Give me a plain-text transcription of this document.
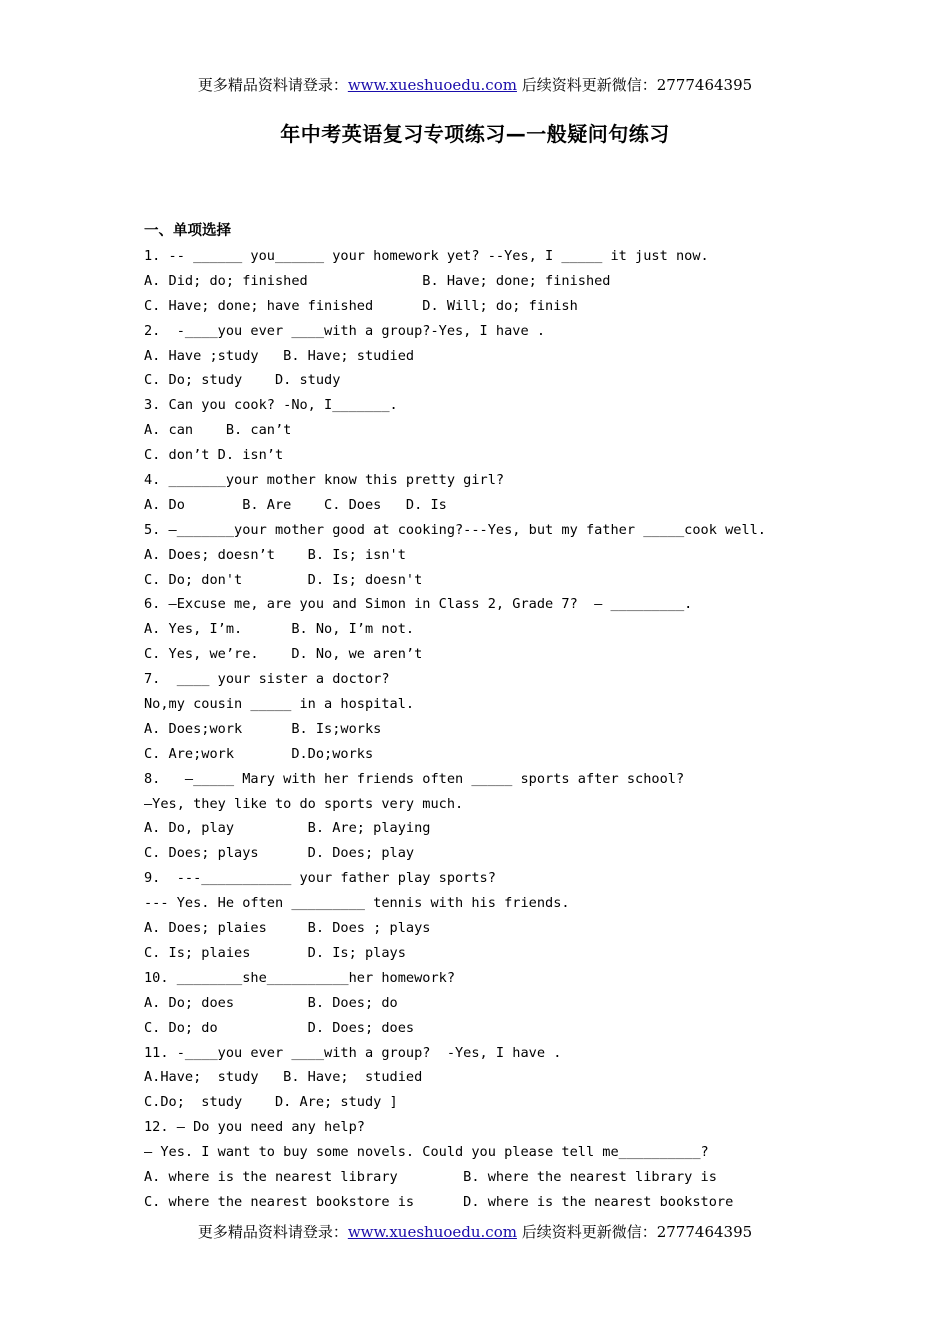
更多精品资料请登录：www.xueshuoedu.com 后续资料更新微信：2777464395
年中考英语复习专项练习—一般疑问句练习
一、单项选择
1. -- ______ you______ your homework yet? --Yes, I _____ it just now.
A. Did; do; finished              B. Have; done; finished
C. Have; done; have finished      D. Will; do; finish
2.  -____you ever ____with a group?-Yes, I have .
A. Have ;study   B. Have; studied
C. Do; study    D. study
3. Can you cook? -No, I_______.
A. can    B. can’t
C. don’t D. isn’t
4. _______your mother know this pretty girl?
A. Do       B. Are    C. Does   D. Is
5. —_______your mother good at cooking?---Yes, but my father _____cook well.
A. Does; doesn’t    B. Is; isn't
C. Do; don't        D. Is; doesn't
6. —Excuse me, are you and Simon in Class 2, Grade 7?  — _________.
A. Yes, I’m.      B. No, I’m not.
C. Yes, we’re.    D. No, we aren’t
7.  ____ your sister a doctor?
No,my cousin _____ in a hospital.
A. Does;work      B. Is;works
C. Are;work       D.Do;works
8.   —_____ Mary with her friends often _____ sports after school?
—Yes, they like to do sports very much.
A. Do, play         B. Are; playing
C. Does; plays      D. Does; play
9.  ---___________ your father play sports?
--- Yes. He often _________ tennis with his friends.
A. Does; plaies     B. Does ; plays
C. Is; plaies       D. Is; plays
10. ________she__________her homework?
A. Do; does         B. Does; do
C. Do; do           D. Does; does
11. -____you ever ____with a group?  -Yes, I have .
A.Have;  study   B. Have;  studied
C.Do;  study    D. Are; study ]
12. — Do you need any help?
— Yes. I want to buy some novels. Could you please tell me__________?
A. where is the nearest library        B. where the nearest library is
C. where the nearest bookstore is      D. where is the nearest bookstore
更多精品资料请登录：www.xueshuoedu.com 后续资料更新微信：2777464395
